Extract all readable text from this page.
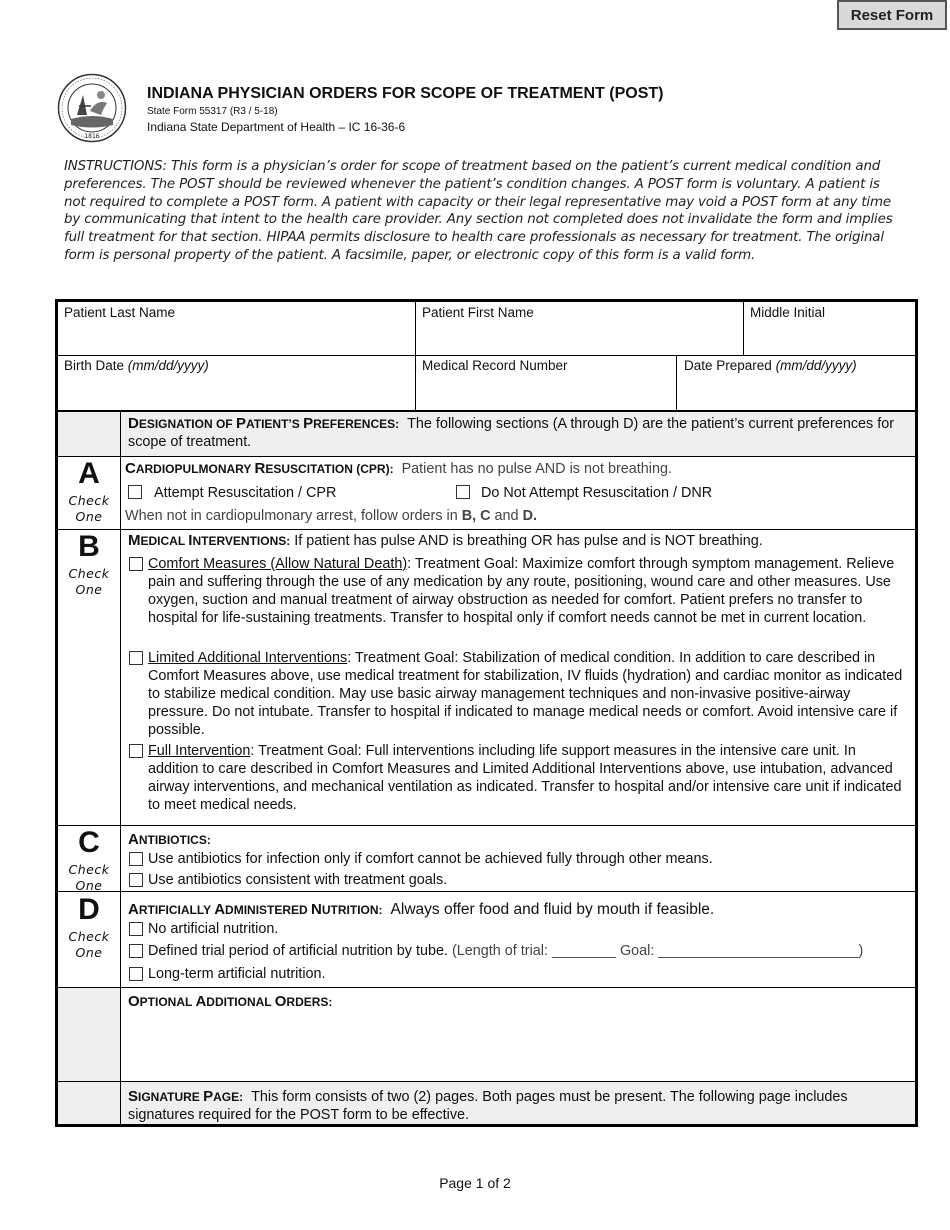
Reset Form
1816
INDIANA PHYSICIAN ORDERS FOR SCOPE OF TREATMENT (POST)
State Form 55317 (R3 / 5-18)
Indiana State Department of Health – IC 16-36-6

INSTRUCTIONS: This form is a physician’s order for scope of treatment based on the patient’s current medical condition and preferences. The POST should be reviewed whenever the patient’s condition changes. A POST form is voluntary. A patient is not required to complete a POST form. A patient with capacity or their legal representative may void a POST form at any time by communicating that intent to the health care provider. Any section not completed does not invalidate the form and implies full treatment for that section. HIPAA permits disclosure to health care professionals as necessary for treatment. The original form is personal property of the patient. A facsimile, paper, or electronic copy of this form is a valid form.

Patient Last Name	Patient First Name	Middle Initial
Birth Date (mm/dd/yyyy)	Medical Record Number	Date Prepared (mm/dd/yyyy)
DESIGNATION OF PATIENT’S PREFERENCES: The following sections (A through D) are the patient’s current preferences for scope of treatment.
A
Check
One
CARDIOPULMONARY RESUSCITATION (CPR): Patient has no pulse AND is not breathing.
Attempt Resuscitation / CPR	Do Not Attempt Resuscitation / DNR
When not in cardiopulmonary arrest, follow orders in B, C and D.
B
Check
One
MEDICAL INTERVENTIONS: If patient has pulse AND is breathing OR has pulse and is NOT breathing.
Comfort Measures (Allow Natural Death): Treatment Goal: Maximize comfort through symptom management. Relieve pain and suffering through the use of any medication by any route, positioning, wound care and other measures. Use oxygen, suction and manual treatment of airway obstruction as needed for comfort. Patient prefers no transfer to hospital for life-sustaining treatments. Transfer to hospital only if comfort needs cannot be met in current location.
Limited Additional Interventions: Treatment Goal: Stabilization of medical condition. In addition to care described in Comfort Measures above, use medical treatment for stabilization, IV fluids (hydration) and cardiac monitor as indicated to stabilize medical condition. May use basic airway management techniques and non-invasive positive-airway pressure. Do not intubate. Transfer to hospital if indicated to manage medical needs or comfort. Avoid intensive care if possible.
Full Intervention: Treatment Goal: Full interventions including life support measures in the intensive care unit. In addition to care described in Comfort Measures and Limited Additional Interventions above, use intubation, advanced airway interventions, and mechanical ventilation as indicated. Transfer to hospital and/or intensive care unit if indicated to meet medical needs.
C
Check
One
ANTIBIOTICS:
Use antibiotics for infection only if comfort cannot be achieved fully through other means.
Use antibiotics consistent with treatment goals.
D
Check
One
ARTIFICIALLY ADMINISTERED NUTRITION: Always offer food and fluid by mouth if feasible.
No artificial nutrition.
Defined trial period of artificial nutrition by tube. (Length of trial: ________ Goal: _________________________)
Long-term artificial nutrition.
OPTIONAL ADDITIONAL ORDERS:
SIGNATURE PAGE: This form consists of two (2) pages. Both pages must be present. The following page includes signatures required for the POST form to be effective.
Page 1 of 2
